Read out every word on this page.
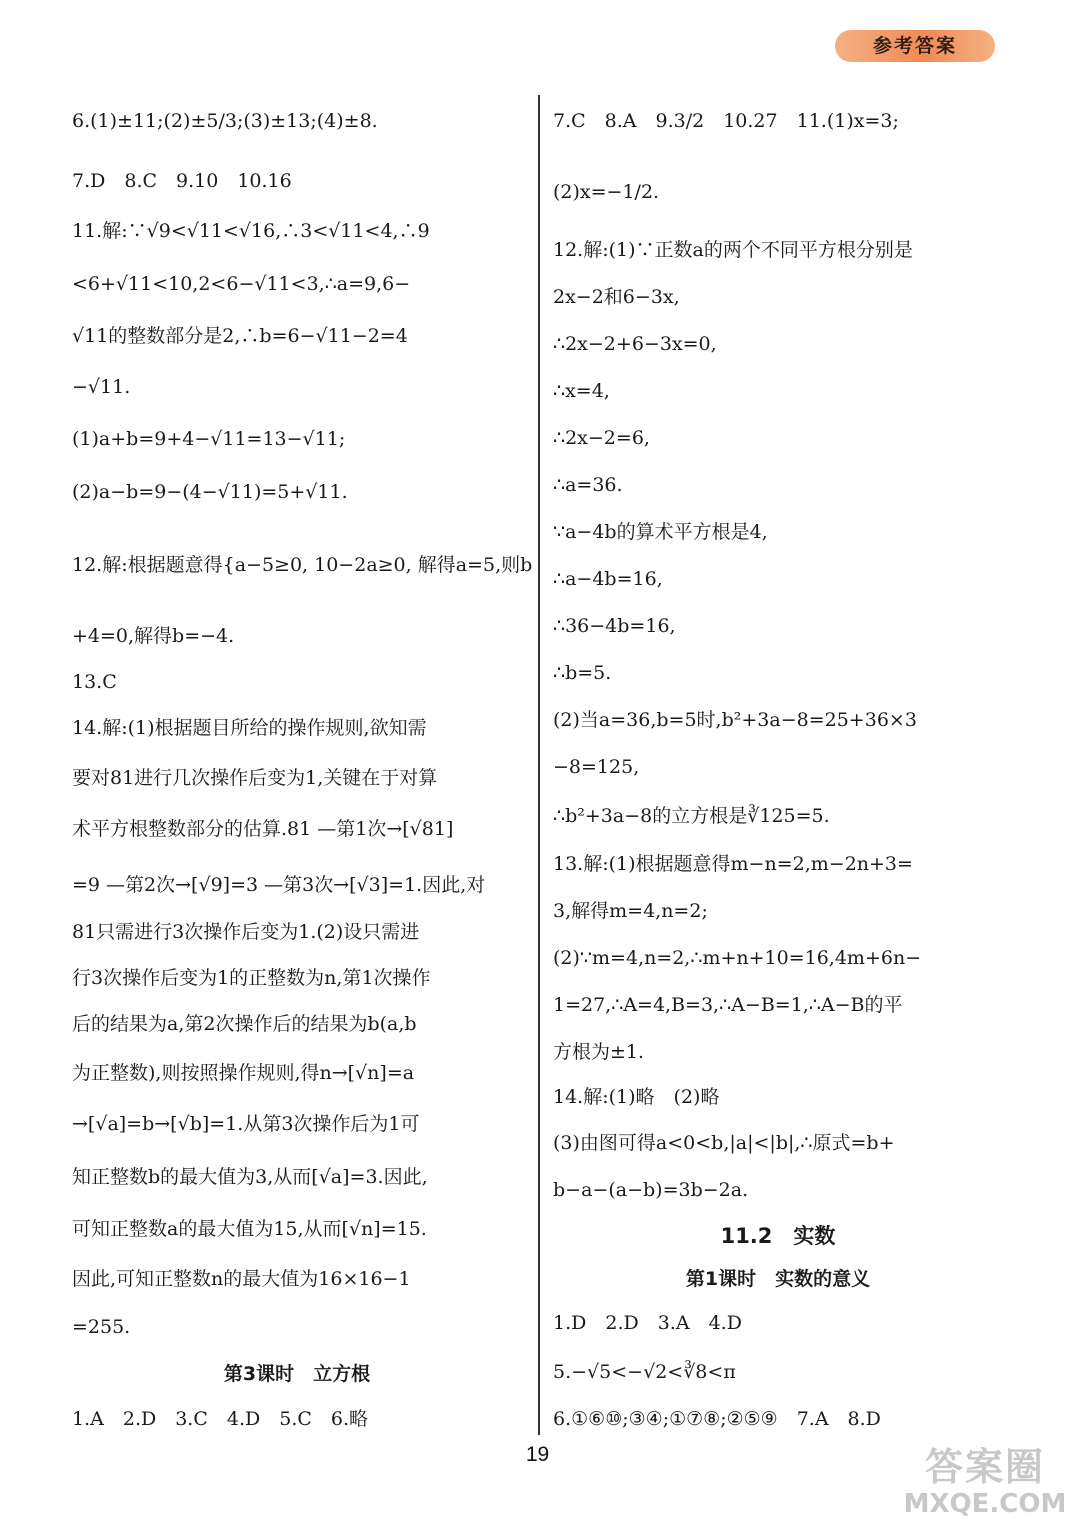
参考答案
6.(1)±11;(2)±5/3;(3)±13;(4)±8.
7.D　8.C　9.10　10.16
11.解:∵√9<√11<√16,∴3<√11<4,∴9
<6+√11<10,2<6−√11<3,∴a=9,6−
√11的整数部分是2,∴b=6−√11−2=4
−√11.
(1)a+b=9+4−√11=13−√11;
(2)a−b=9−(4−√11)=5+√11.
12.解:根据题意得{a−5≥0, 10−2a≥0, 解得a=5,则b
+4=0,解得b=−4.
13.C
14.解:(1)根据题目所给的操作规则,欲知需
要对81进行几次操作后变为1,关键在于对算
术平方根整数部分的估算.81 —第1次→[√81]
=9 —第2次→[√9]=3 —第3次→[√3]=1.因此,对
81只需进行3次操作后变为1.(2)设只需进
行3次操作后变为1的正整数为n,第1次操作
后的结果为a,第2次操作后的结果为b(a,b
为正整数),则按照操作规则,得n→[√n]=a
→[√a]=b→[√b]=1.从第3次操作后为1可
知正整数b的最大值为3,从而[√a]=3.因此,
可知正整数a的最大值为15,从而[√n]=15.
因此,可知正整数n的最大值为16×16−1
=255.
第3课时　立方根
1.A　2.D　3.C　4.D　5.C　6.略
7.C　8.A　9.3/2　10.27　11.(1)x=3;
(2)x=−1/2.
12.解:(1)∵正数a的两个不同平方根分别是
2x−2和6−3x,
∴2x−2+6−3x=0,
∴x=4,
∴2x−2=6,
∴a=36.
∵a−4b的算术平方根是4,
∴a−4b=16,
∴36−4b=16,
∴b=5.
(2)当a=36,b=5时,b²+3a−8=25+36×3
−8=125,
∴b²+3a−8的立方根是∛125=5.
13.解:(1)根据题意得m−n=2,m−2n+3=
3,解得m=4,n=2;
(2)∵m=4,n=2,∴m+n+10=16,4m+6n−
1=27,∴A=4,B=3,∴A−B=1,∴A−B的平
方根为±1.
14.解:(1)略　(2)略
(3)由图可得a<0<b,|a|<|b|,∴原式=b+
b−a−(a−b)=3b−2a.
11.2　实数
第1课时　实数的意义
1.D　2.D　3.A　4.D
5.−√5<−√2<∛8<π
6.①⑥⑩;③④;①⑦⑧;②⑤⑨　7.A　8.D
19	答案圈
MXQE.COM
